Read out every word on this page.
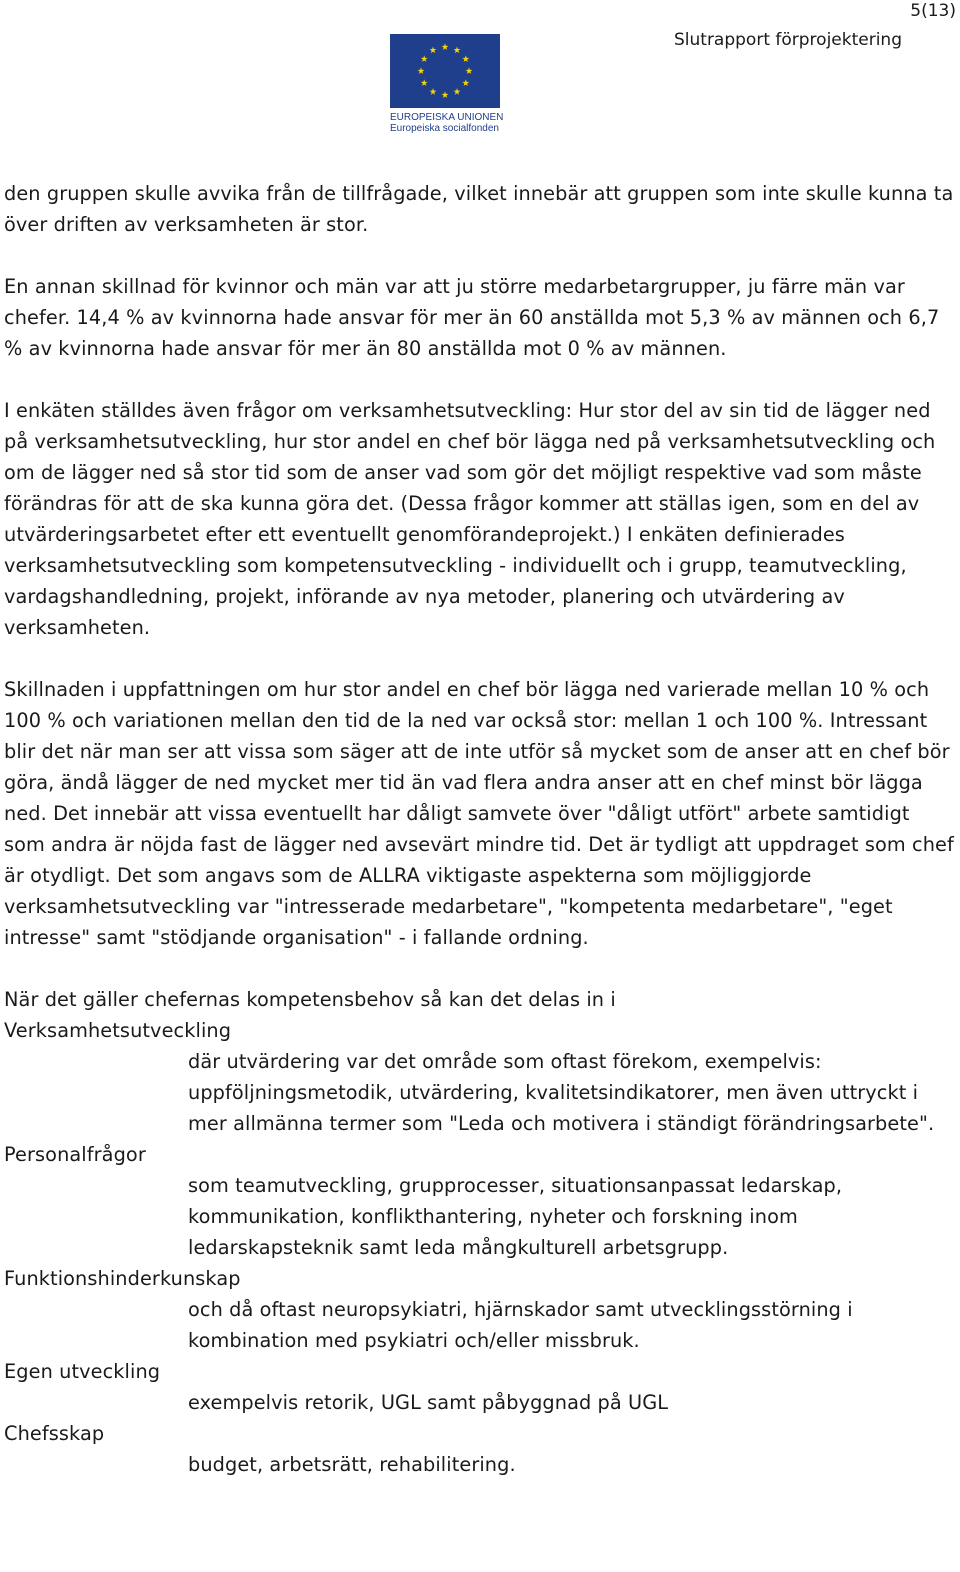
5(13)
Slutrapport förprojektering
EUROPEISKA UNIONEN
Europeiska socialfonden

den gruppen skulle avvika från de tillfrågade, vilket innebär att gruppen som inte skulle kunna ta över driften av verksamheten är stor.

En annan skillnad för kvinnor och män var att ju större medarbetargrupper, ju färre män var chefer. 14,4 % av kvinnorna hade ansvar för mer än 60 anställda mot 5,3 % av männen och 6,7 % av kvinnorna hade ansvar för mer än 80 anställda mot 0 % av männen.

I enkäten ställdes även frågor om verksamhetsutveckling: Hur stor del av sin tid de lägger ned på verksamhetsutveckling, hur stor andel en chef bör lägga ned på verksamhetsutveckling och om de lägger ned så stor tid som de anser vad som gör det möjligt respektive vad som måste förändras för att de ska kunna göra det. (Dessa frågor kommer att ställas igen, som en del av utvärderingsarbetet efter ett eventuellt genomförandeprojekt.) I enkäten definierades verksamhetsutveckling som kompetensutveckling - individuellt och i grupp, teamutveckling, vardagshandledning, projekt, införande av nya metoder, planering och utvärdering av verksamheten.

Skillnaden i uppfattningen om hur stor andel en chef bör lägga ned varierade mellan 10 % och 100 % och variationen mellan den tid de la ned var också stor: mellan 1 och 100 %. Intressant blir det när man ser att vissa som säger att de inte utför så mycket som de anser att en chef bör göra, ändå lägger de ned mycket mer tid än vad flera andra anser att en chef minst bör lägga ned. Det innebär att vissa eventuellt har dåligt samvete över "dåligt utfört" arbete samtidigt som andra är nöjda fast de lägger ned avsevärt mindre tid. Det är tydligt att uppdraget som chef är otydligt. Det som angavs som de ALLRA viktigaste aspekterna som möjliggjorde verksamhetsutveckling var "intresserade medarbetare", "kompetenta medarbetare", "eget intresse" samt "stödjande organisation" - i fallande ordning.

När det gäller chefernas kompetensbehov så kan det delas in i
Verksamhetsutveckling
där utvärdering var det område som oftast förekom, exempelvis: uppföljningsmetodik, utvärdering, kvalitetsindikatorer, men även uttryckt i mer allmänna termer som "Leda och motivera i ständigt förändringsarbete".
Personalfrågor
som teamutveckling, grupprocesser, situationsanpassat ledarskap, kommunikation, konflikthantering, nyheter och forskning inom ledarskapsteknik samt leda mångkulturell arbetsgrupp.
Funktionshinderkunskap
och då oftast neuropsykiatri, hjärnskador samt utvecklingsstörning i kombination med psykiatri och/eller missbruk.
Egen utveckling
exempelvis retorik, UGL samt påbyggnad på UGL
Chefsskap
budget, arbetsrätt, rehabilitering.
